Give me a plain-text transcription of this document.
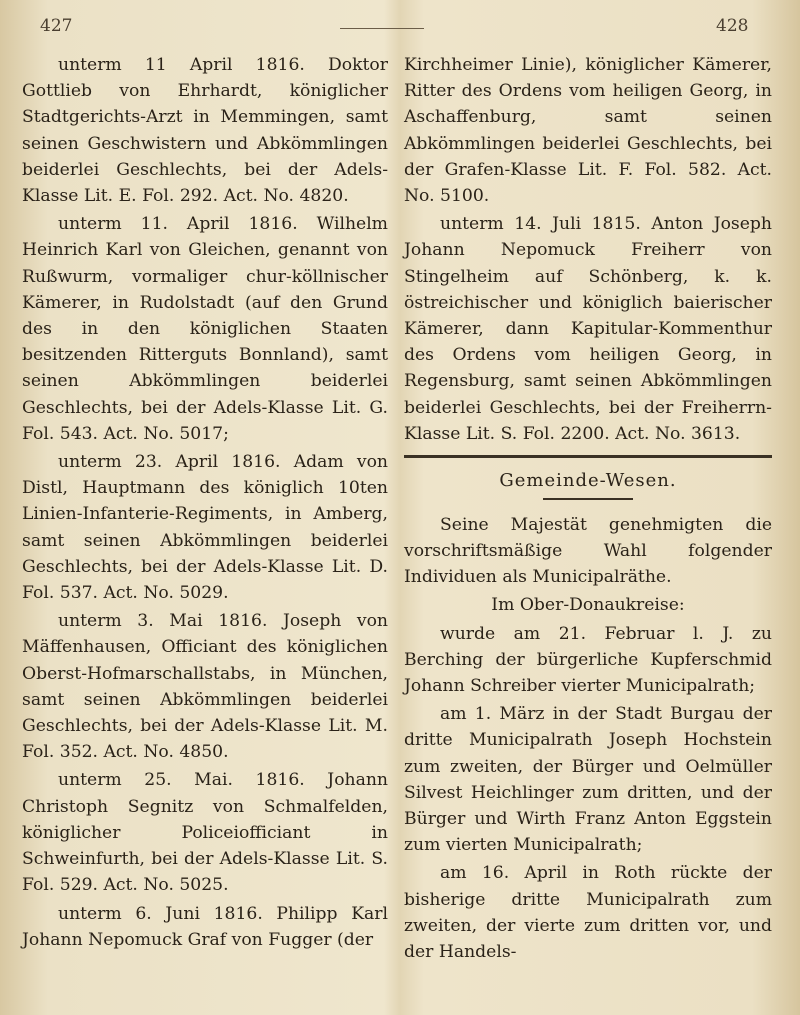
427	428

unterm 11 April 1816. Doktor Gottlieb von Ehrhardt, königlicher Stadtgerichts-Arzt in Memmingen, samt seinen Geschwistern und Abkömmlingen beiderlei Geschlechts, bei der Adels-Klasse Lit. E. Fol. 292. Act. No. 4820.

unterm 11. April 1816. Wilhelm Heinrich Karl von Gleichen, genannt von Rußwurm, vormaliger chur-köllnischer Kämerer, in Rudolstadt (auf den Grund des in den königlichen Staaten besitzenden Ritterguts Bonnland), samt seinen Abkömmlingen beiderlei Geschlechts, bei der Adels-Klasse Lit. G. Fol. 543. Act. No. 5017;

unterm 23. April 1816. Adam von Distl, Hauptmann des königlich 10ten Linien-Infanterie-Regiments, in Amberg, samt seinen Abkömmlingen beiderlei Geschlechts, bei der Adels-Klasse Lit. D. Fol. 537. Act. No. 5029.

unterm 3. Mai 1816. Joseph von Mäffenhausen, Officiant des königlichen Oberst-Hofmarschallstabs, in München, samt seinen Abkömmlingen beiderlei Geschlechts, bei der Adels-Klasse Lit. M. Fol. 352. Act. No. 4850.

unterm 25. Mai. 1816. Johann Christoph Segnitz von Schmalfelden, königlicher Policeiofficiant in Schweinfurth, bei der Adels-Klasse Lit. S. Fol. 529. Act. No. 5025.

unterm 6. Juni 1816. Philipp Karl Johann Nepomuck Graf von Fugger (der

Kirchheimer Linie), königlicher Kämerer, Ritter des Ordens vom heiligen Georg, in Aschaffenburg, samt seinen Abkömmlingen beiderlei Geschlechts, bei der Grafen-Klasse Lit. F. Fol. 582. Act. No. 5100.

unterm 14. Juli 1815. Anton Joseph Johann Nepomuck Freiherr von Stingelheim auf Schönberg, k. k. östreichischer und königlich baierischer Kämerer, dann Kapitular-Kommenthur des Ordens vom heiligen Georg, in Regensburg, samt seinen Abkömmlingen beiderlei Geschlechts, bei der Freiherrn-Klasse Lit. S. Fol. 2200. Act. No. 3613.

Gemeinde-Wesen.

Seine Majestät genehmigten die vorschriftsmäßige Wahl folgender Individuen als Municipalräthe.

Im Ober-Donaukreise:

wurde am 21. Februar l. J. zu Berching der bürgerliche Kupferschmid Johann Schreiber vierter Municipalrath;

am 1. März in der Stadt Burgau der dritte Municipalrath Joseph Hochstein zum zweiten, der Bürger und Oelmüller Silvest Heichlinger zum dritten, und der Bürger und Wirth Franz Anton Eggstein zum vierten Municipalrath;

am 16. April in Roth rückte der bisherige dritte Municipalrath zum zweiten, der vierte zum dritten vor, und der Handels-
